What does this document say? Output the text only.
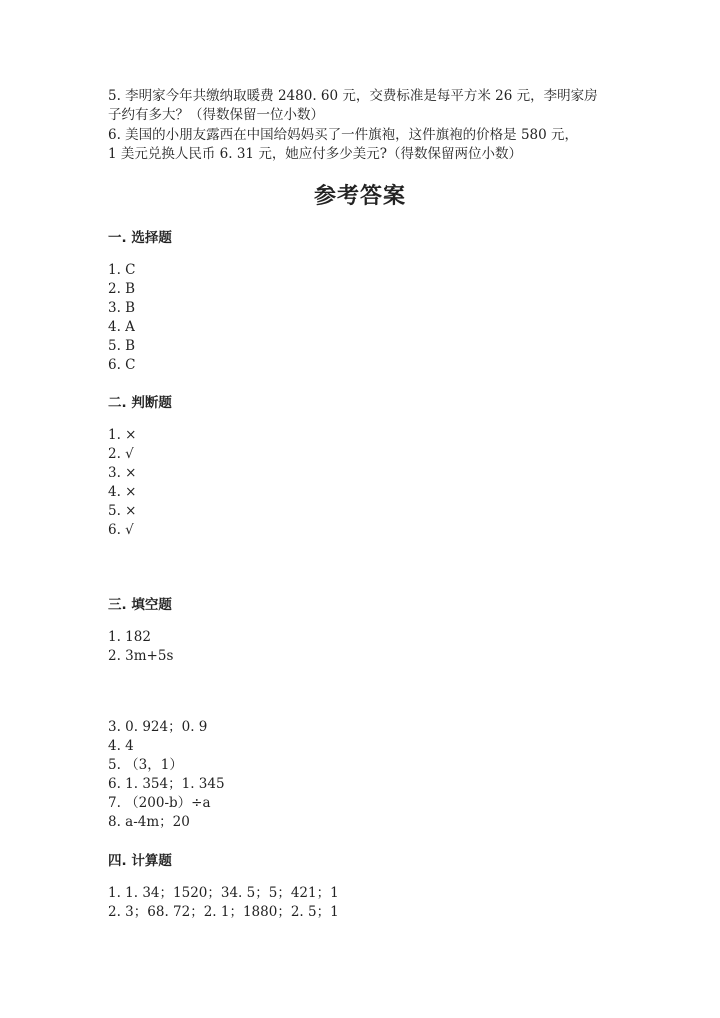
5. 李明家今年共缴纳取暖费 2480. 60 元，交费标准是每平方米 26 元，李明家房

子约有多大？（得数保留一位小数）

6. 美国的小朋友露西在中国给妈妈买了一件旗袍，这件旗袍的价格是 580 元，

1 美元兑换人民币 6. 31 元，她应付多少美元?（得数保留两位小数）

参考答案
一. 选择题

1. C

2. B

3. B

4. A

5. B

6. C

二. 判断题

1. ×

2. √

3. ×

4. ×

5. ×

6. √

三. 填空题

1. 182

2. 3m+5s

3. 0. 924；0. 9

4. 4

5. （3，1）

6. 1. 354；1. 345

7. （200-b）÷a

8. a-4m；20

四. 计算题

1. 1. 34；1520；34. 5；5；421；1

2. 3；68. 72；2. 1；1880；2. 5；1
